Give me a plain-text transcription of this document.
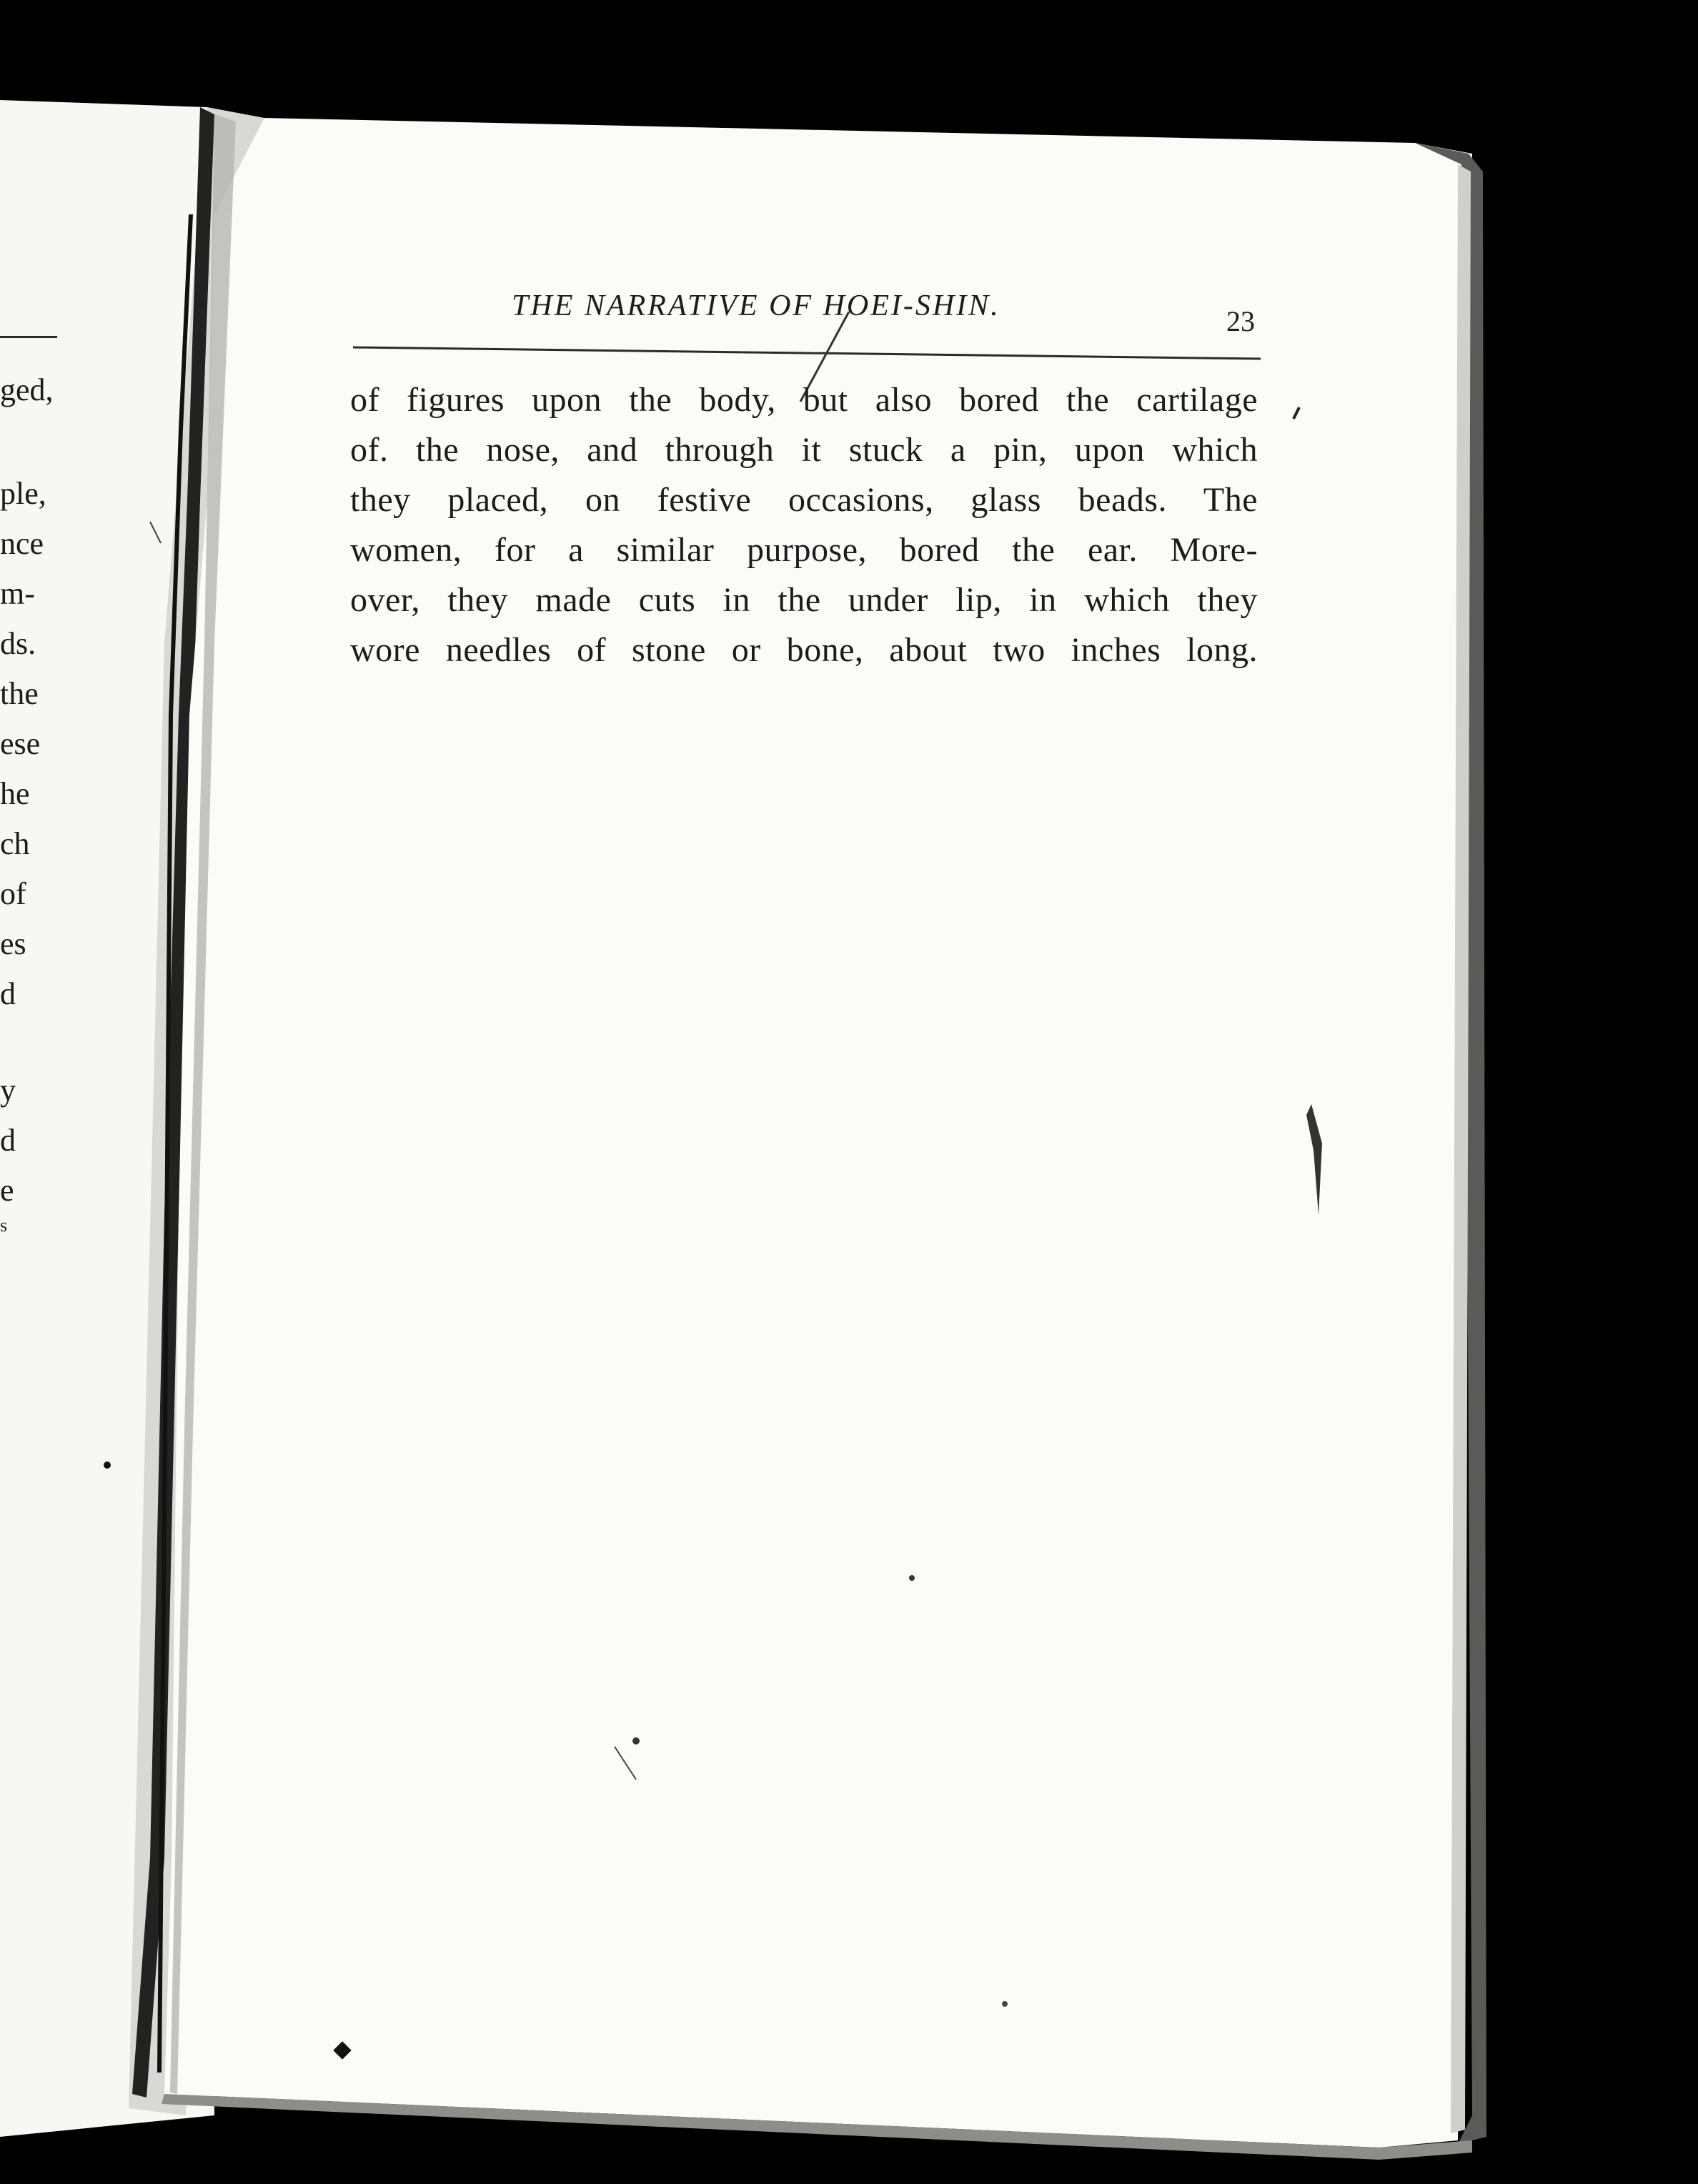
ged,
ple,
nce
m-
ds.
the
ese
he
ch
of
es
d
y
d
e
s
THE NARRATIVE OF HOEI-SHIN.	23
of figures upon the body, but also bored the cartilage
of. the nose, and through it stuck a pin, upon which
they placed, on festive occasions, glass beads. The
women, for a similar purpose, bored the ear. More-
over, they made cuts in the under lip, in which they
wore needles of stone or bone, about two inches long.
